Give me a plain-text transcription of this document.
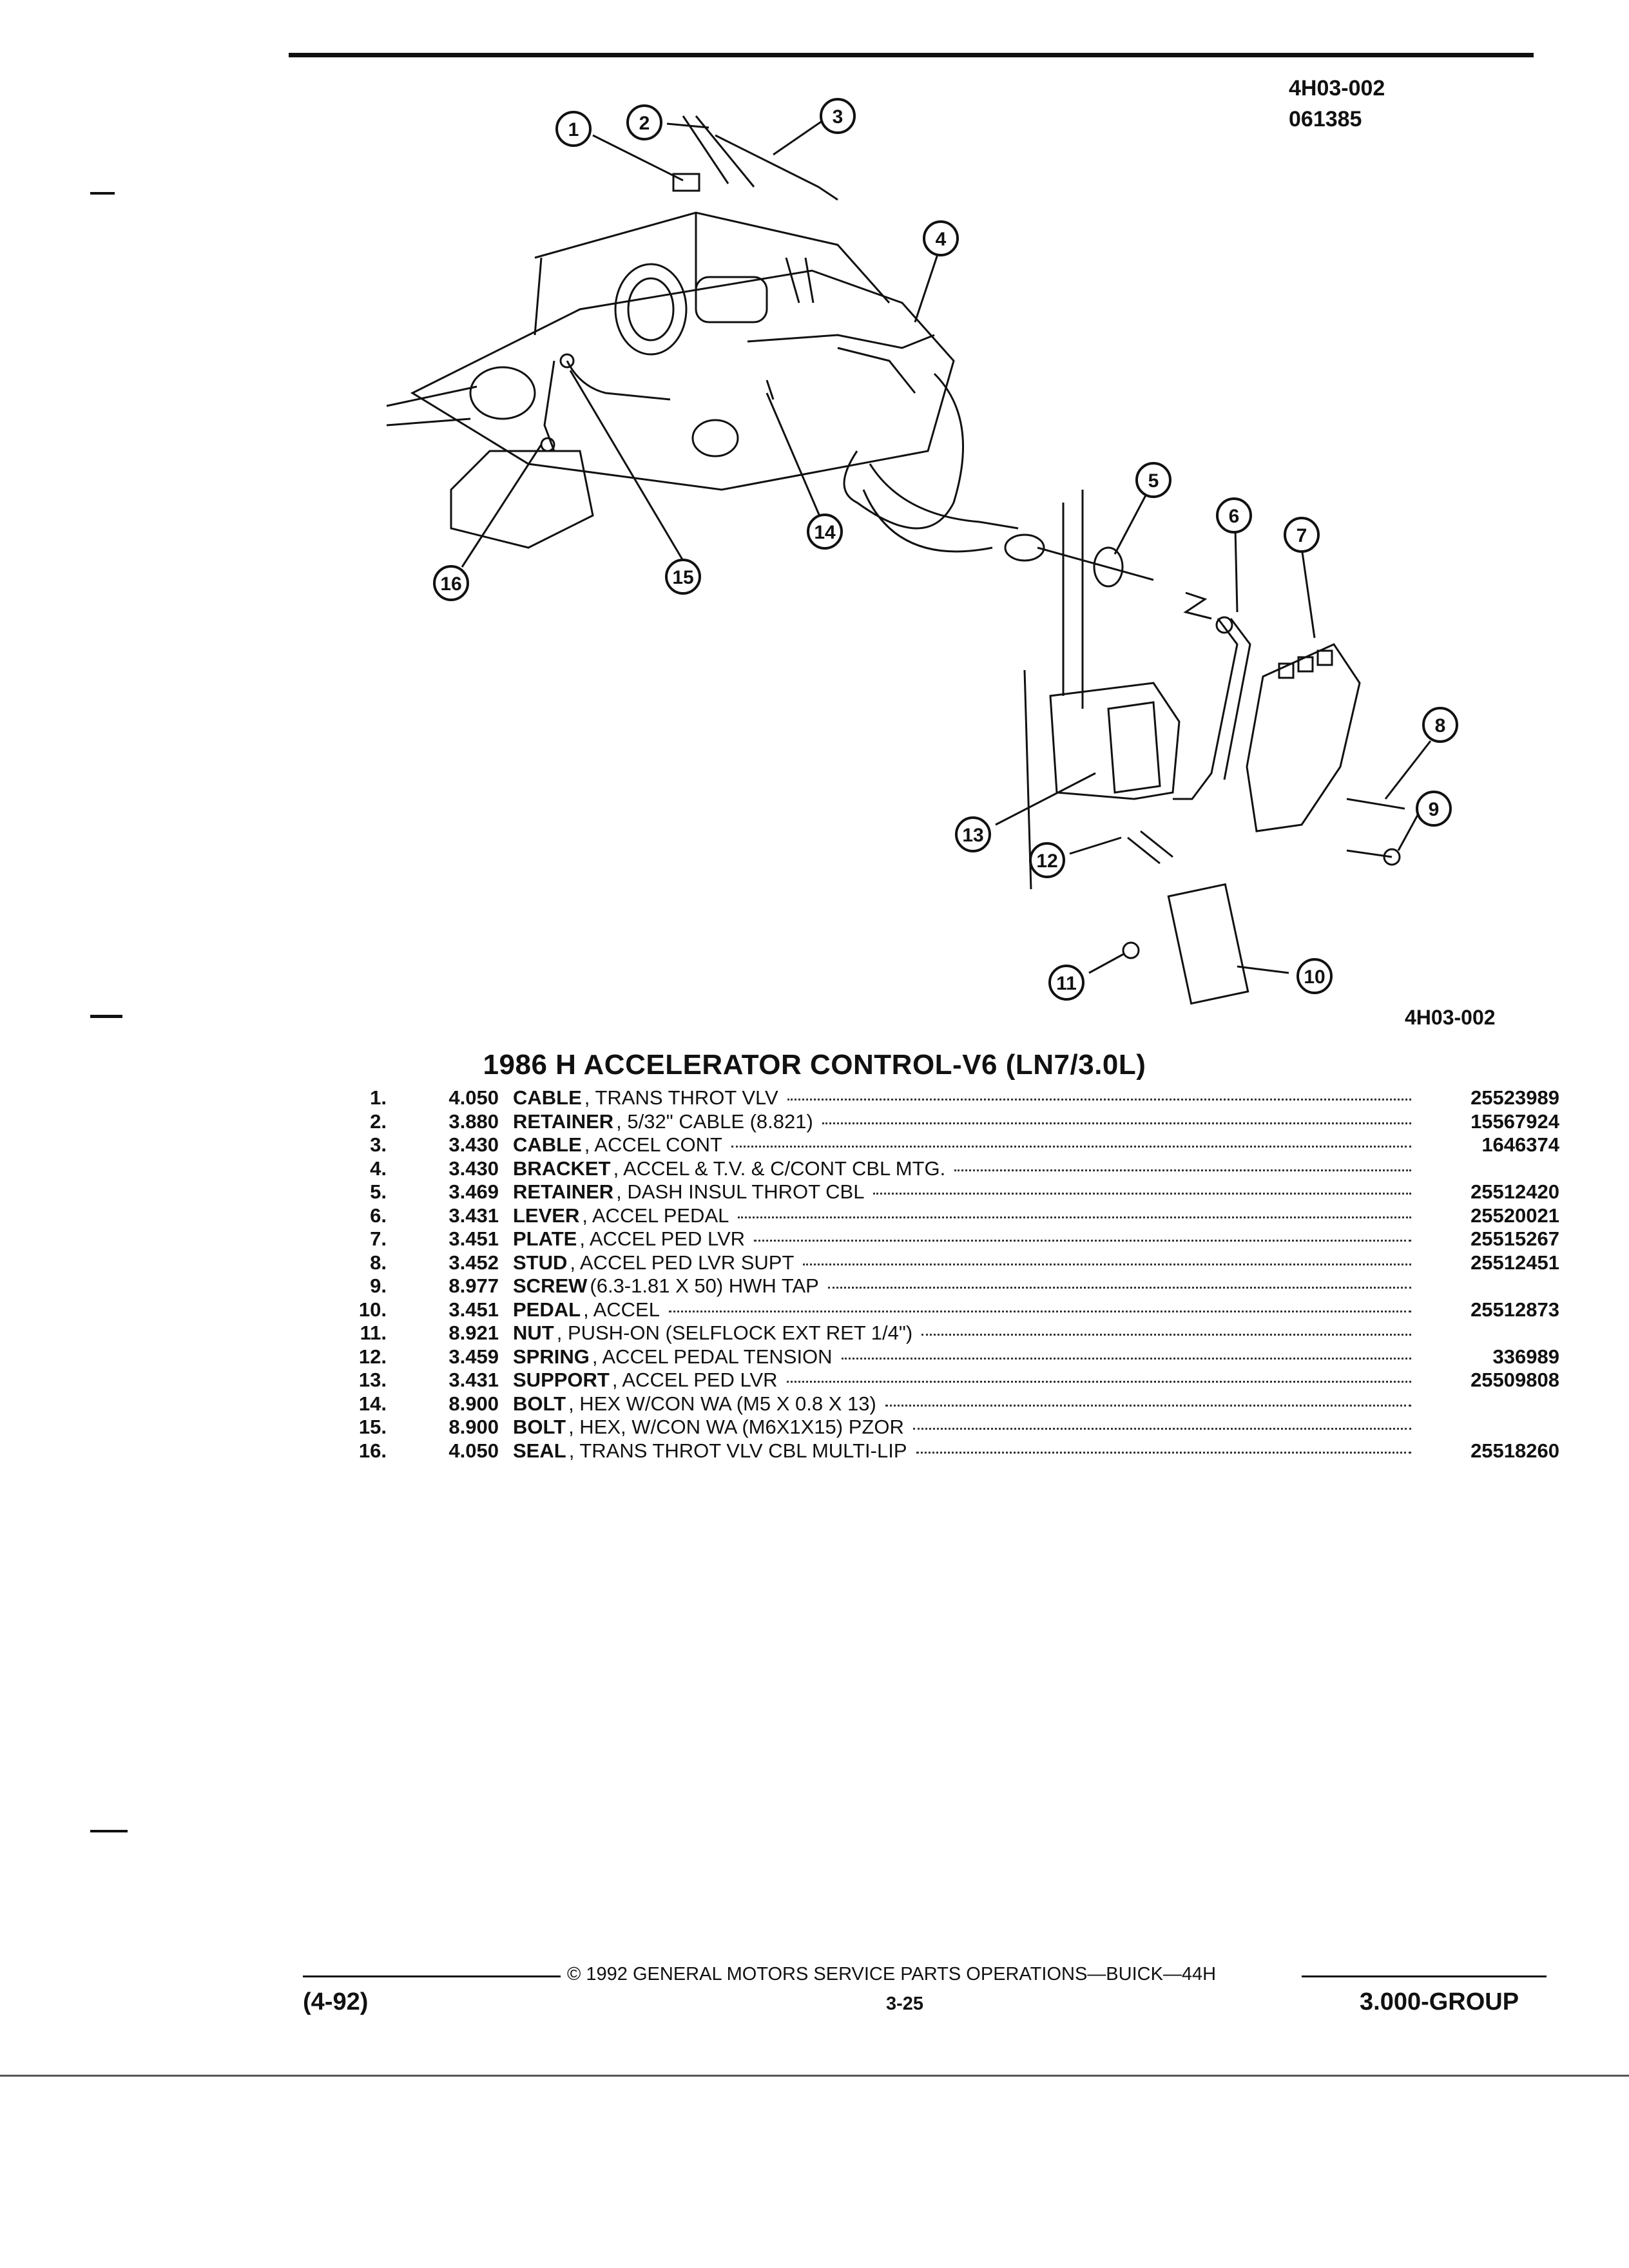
4H03-002
061385
1	2	3
4
5
6
7
8
9
10
11
12
13
14
15
16
4H03-002
1986 H ACCELERATOR CONTROL-V6 (LN7/3.0L)
1.	4.050 CABLE , TRANS THROT VLV	25523989
2.	3.880 RETAINER , 5/32" CABLE (8.821)	15567924
3.	3.430 CABLE , ACCEL CONT	1646374
4.	3.430 BRACKET , ACCEL & T.V. & C/CONT CBL MTG.
5.	3.469 RETAINER , DASH INSUL THROT CBL	25512420
6.	3.431 LEVER , ACCEL PEDAL	25520021
7.	3.451 PLATE , ACCEL PED LVR	25515267
8.	3.452 STUD , ACCEL PED LVR SUPT	25512451
9.	8.977 SCREW (6.3-1.81 X 50) HWH TAP
10.	3.451 PEDAL , ACCEL	25512873
11.	8.921 NUT , PUSH-ON (SELFLOCK EXT RET 1/4")
12.	3.459 SPRING , ACCEL PEDAL TENSION	336989
13.	3.431 SUPPORT , ACCEL PED LVR	25509808
14.	8.900 BOLT , HEX W/CON WA (M5 X 0.8 X 13)
15.	8.900 BOLT , HEX, W/CON WA (M6X1X15) PZOR
16.	4.050 SEAL , TRANS THROT VLV CBL MULTI-LIP	25518260
© 1992 GENERAL MOTORS SERVICE PARTS OPERATIONS—BUICK—44H
(4-92)	3-25	3.000-GROUP
